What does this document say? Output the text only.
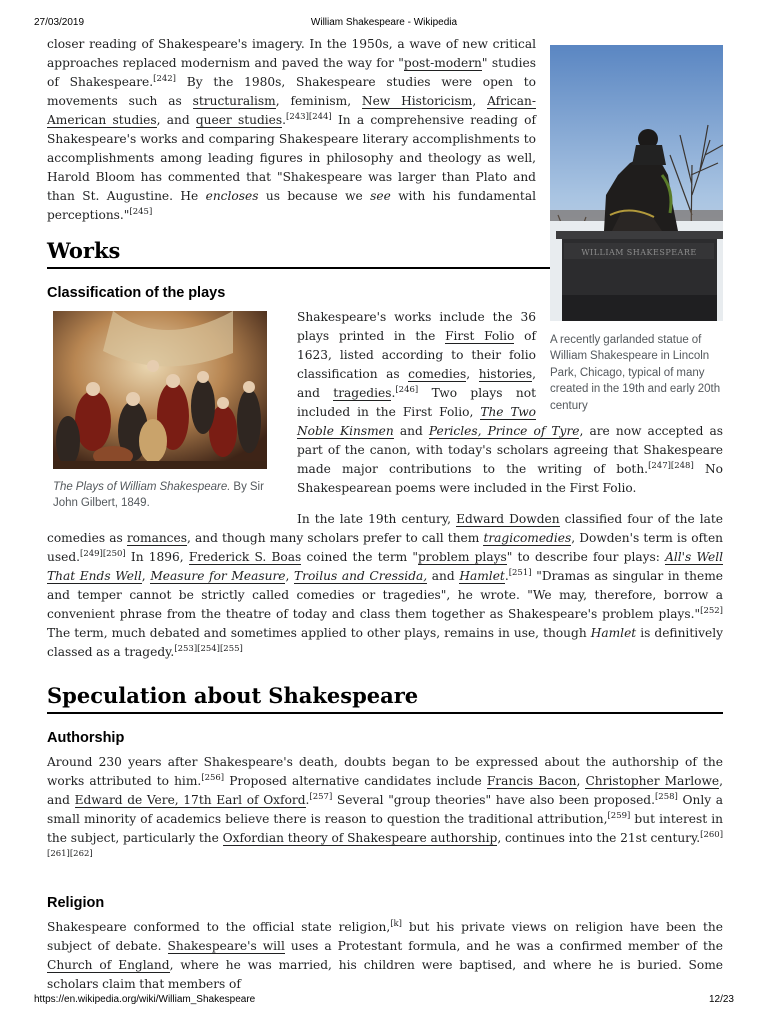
27/03/2019	William Shakespeare - Wikipedia
WILLIAM SHAKESPEARE
A recently garlanded statue of William Shakespeare in Lincoln Park, Chicago, typical of many created in the 19th and early 20th century

closer reading of Shakespeare's imagery. In the 1950s, a wave of new critical approaches replaced modernism and paved the way for "post-modern" studies of Shakespeare.[242] By the 1980s, Shakespeare studies were open to movements such as structuralism, feminism, New Historicism, African-American studies, and queer studies.[243][244] In a comprehensive reading of Shakespeare's works and comparing Shakespeare literary accomplishments to accomplishments among leading figures in philosophy and theology as well, Harold Bloom has commented that "Shakespeare was larger than Plato and than St. Augustine. He encloses us because we see with his fundamental perceptions."[245]

Works
Classification of the plays
The Plays of William Shakespeare. By Sir John Gilbert, 1849.

Shakespeare's works include the 36 plays printed in the First Folio of 1623, listed according to their folio classification as comedies, histories, and tragedies.[246] Two plays not included in the First Folio, The Two Noble Kinsmen and Pericles, Prince of Tyre, are now accepted as part of the canon, with today's scholars agreeing that Shakespeare made major contributions to the writing of both.[247][248] No Shakespearean poems were included in the First Folio.

In the late 19th century, Edward Dowden classified four of the late comedies as romances, and though many scholars prefer to call them tragicomedies, Dowden's term is often used.[249][250] In 1896, Frederick S. Boas coined the term "problem plays" to describe four plays: All's Well That Ends Well, Measure for Measure, Troilus and Cressida, and Hamlet.[251] "Dramas as singular in theme and temper cannot be strictly called comedies or tragedies", he wrote. "We may, therefore, borrow a convenient phrase from the theatre of today and class them together as Shakespeare's problem plays."[252] The term, much debated and sometimes applied to other plays, remains in use, though Hamlet is definitively classed as a tragedy.[253][254][255]

Speculation about Shakespeare
Authorship

Around 230 years after Shakespeare's death, doubts began to be expressed about the authorship of the works attributed to him.[256] Proposed alternative candidates include Francis Bacon, Christopher Marlowe, and Edward de Vere, 17th Earl of Oxford.[257] Several "group theories" have also been proposed.[258] Only a small minority of academics believe there is reason to question the traditional attribution,[259] but interest in the subject, particularly the Oxfordian theory of Shakespeare authorship, continues into the 21st century.[260][261][262]

Religion

Shakespeare conformed to the official state religion,[k] but his private views on religion have been the subject of debate. Shakespeare's will uses a Protestant formula, and he was a confirmed member of the Church of England, where he was married, his children were baptised, and where he is buried. Some scholars claim that members of

https://en.wikipedia.org/wiki/William_Shakespeare	12/23
